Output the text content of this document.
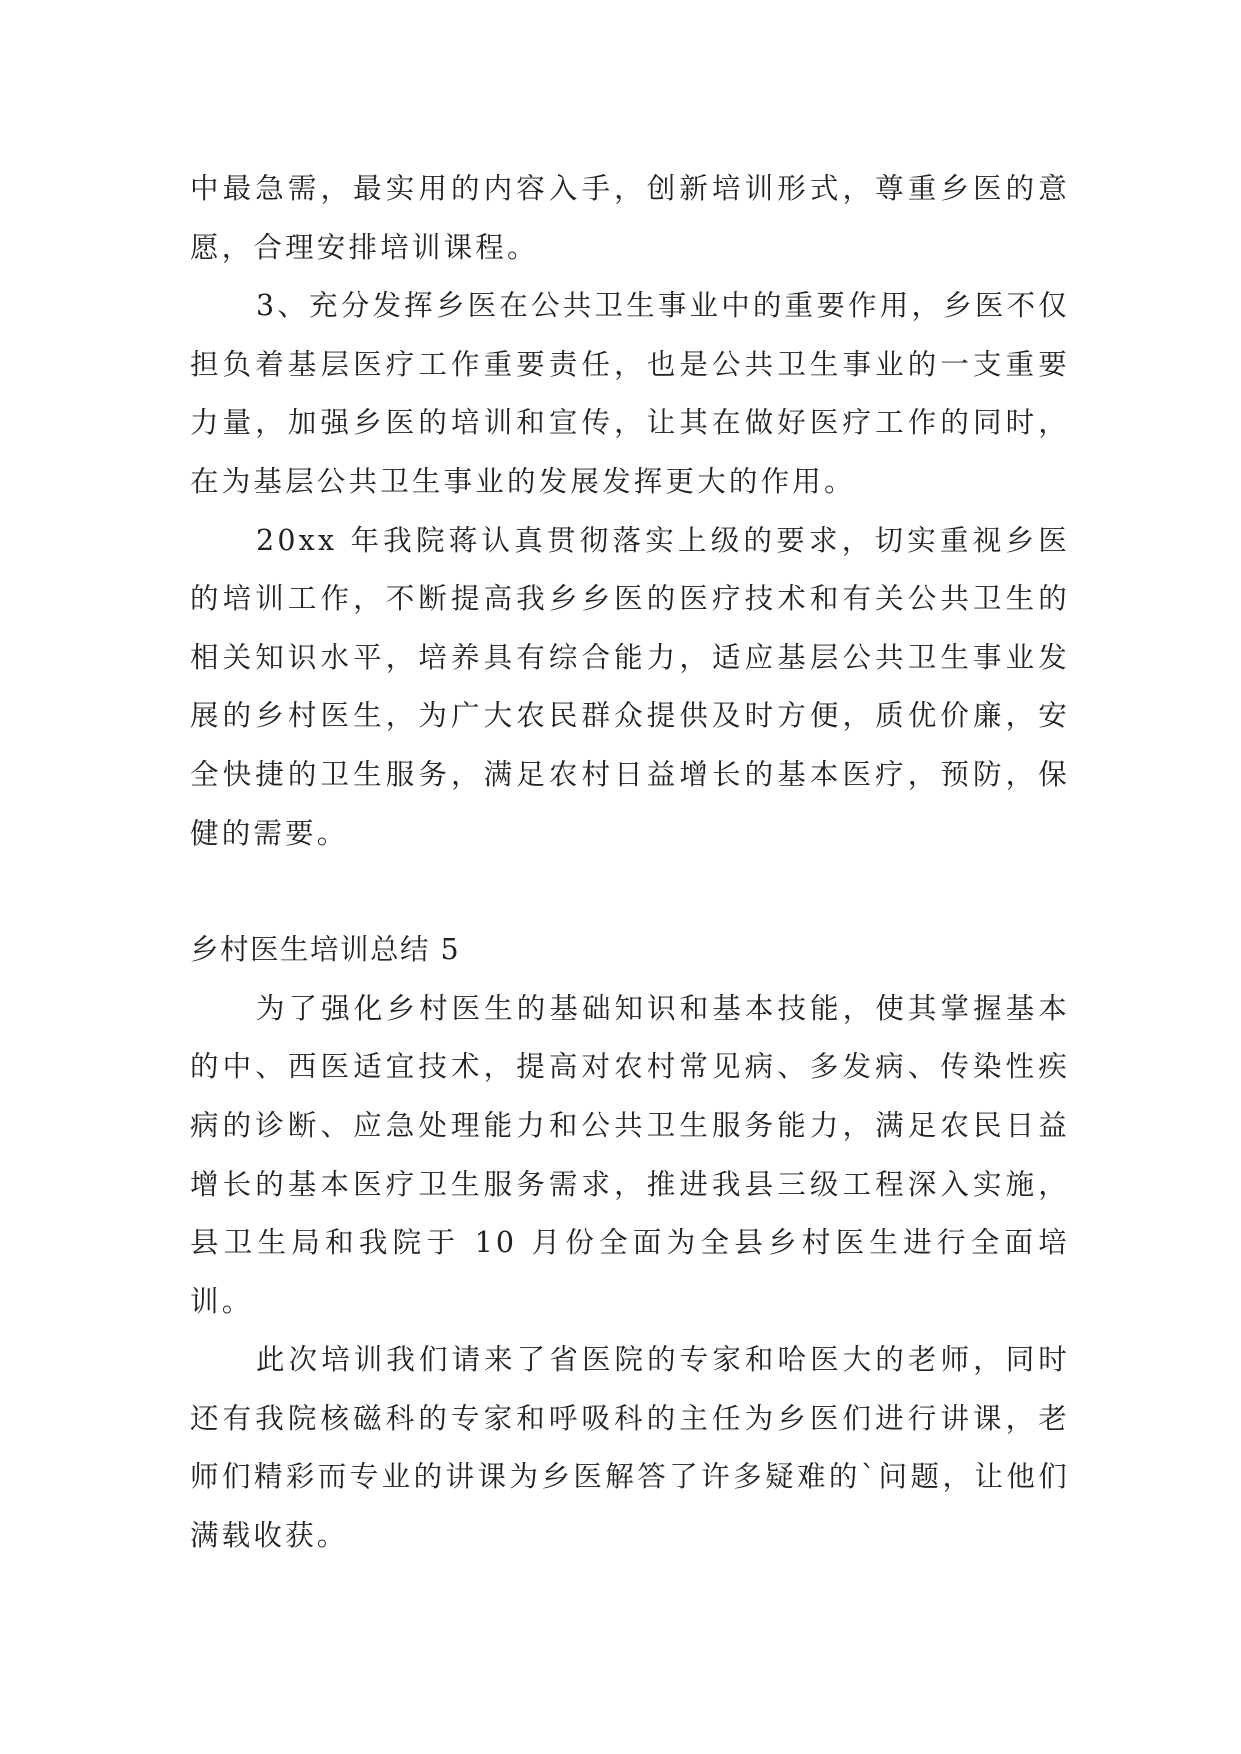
中最急需，最实用的内容入手，创新培训形式，尊重乡医的意愿，合理安排培训课程。

3、充分发挥乡医在公共卫生事业中的重要作用，乡医不仅担负着基层医疗工作重要责任，也是公共卫生事业的一支重要力量，加强乡医的培训和宣传，让其在做好医疗工作的同时，在为基层公共卫生事业的发展发挥更大的作用。

20xx 年我院蒋认真贯彻落实上级的要求，切实重视乡医的培训工作，不断提高我乡乡医的医疗技术和有关公共卫生的相关知识水平，培养具有综合能力，适应基层公共卫生事业发展的乡村医生，为广大农民群众提供及时方便，质优价廉，安全快捷的卫生服务，满足农村日益增长的基本医疗，预防，保健的需要。

乡村医生培训总结 5

为了强化乡村医生的基础知识和基本技能，使其掌握基本的中、西医适宜技术，提高对农村常见病、多发病、传染性疾病的诊断、应急处理能力和公共卫生服务能力，满足农民日益增长的基本医疗卫生服务需求，推进我县三级工程深入实施，县卫生局和我院于 10 月份全面为全县乡村医生进行全面培训。

此次培训我们请来了省医院的专家和哈医大的老师，同时还有我院核磁科的专家和呼吸科的主任为乡医们进行讲课，老师们精彩而专业的讲课为乡医解答了许多疑难的`问题，让他们满载收获。
